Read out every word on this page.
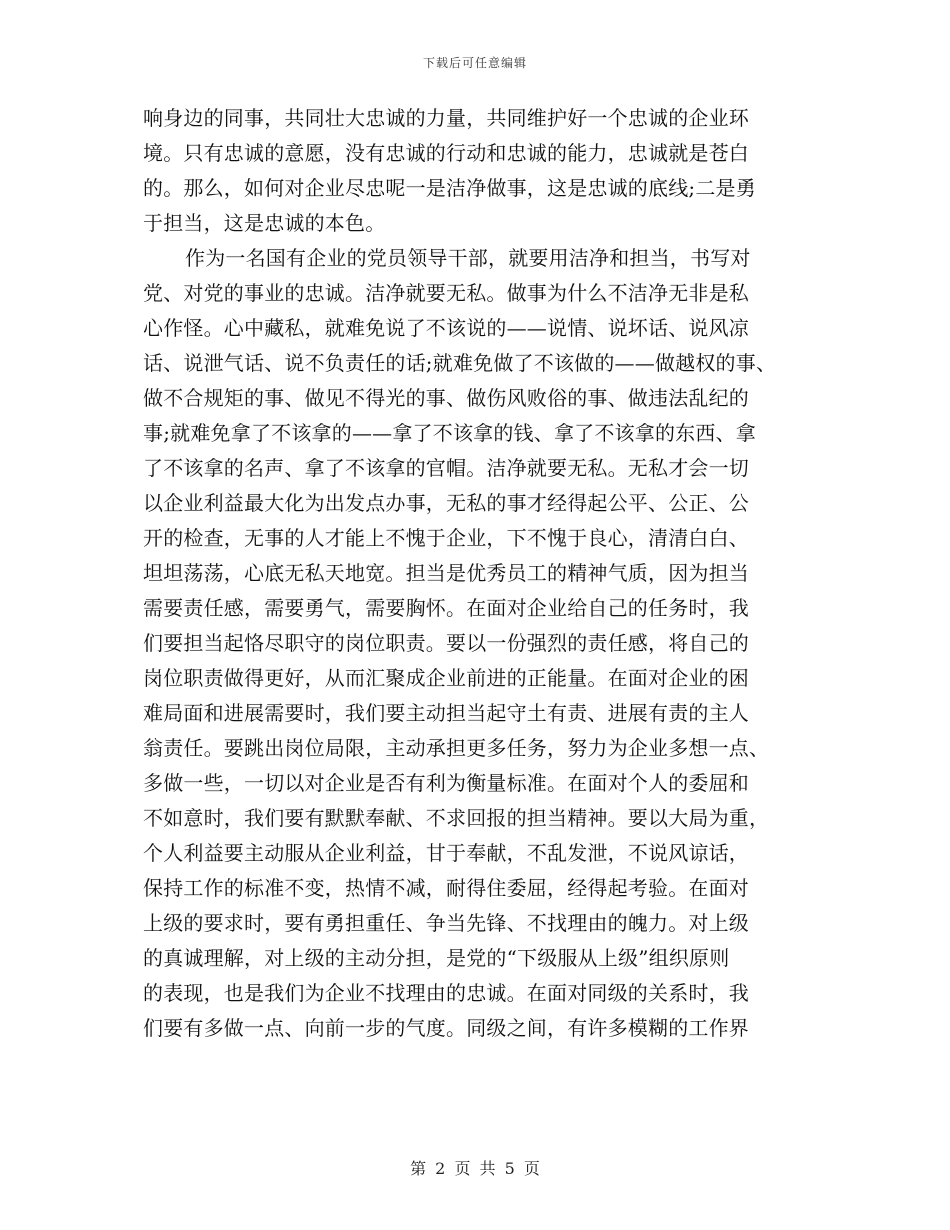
下载后可任意编辑
响身边的同事，共同壮大忠诚的力量，共同维护好一个忠诚的企业环
境。只有忠诚的意愿，没有忠诚的行动和忠诚的能力，忠诚就是苍白
的。那么，如何对企业尽忠呢一是洁净做事，这是忠诚的底线;二是勇
于担当，这是忠诚的本色。
作为一名国有企业的党员领导干部，就要用洁净和担当，书写对
党、对党的事业的忠诚。洁净就要无私。做事为什么不洁净无非是私
心作怪。心中藏私，就难免说了不该说的——说情、说坏话、说风凉
话、说泄气话、说不负责任的话;就难免做了不该做的——做越权的事、
做不合规矩的事、做见不得光的事、做伤风败俗的事、做违法乱纪的
事;就难免拿了不该拿的——拿了不该拿的钱、拿了不该拿的东西、拿
了不该拿的名声、拿了不该拿的官帽。洁净就要无私。无私才会一切
以企业利益最大化为出发点办事，无私的事才经得起公平、公正、公
开的检查，无事的人才能上不愧于企业，下不愧于良心，清清白白、
坦坦荡荡，心底无私天地宽。担当是优秀员工的精神气质，因为担当
需要责任感，需要勇气，需要胸怀。在面对企业给自己的任务时，我
们要担当起恪尽职守的岗位职责。要以一份强烈的责任感，将自己的
岗位职责做得更好，从而汇聚成企业前进的正能量。在面对企业的困
难局面和进展需要时，我们要主动担当起守土有责、进展有责的主人
翁责任。要跳出岗位局限，主动承担更多任务，努力为企业多想一点、
多做一些，一切以对企业是否有利为衡量标准。在面对个人的委屈和
不如意时，我们要有默默奉献、不求回报的担当精神。要以大局为重，
个人利益要主动服从企业利益，甘于奉献，不乱发泄，不说风谅话，
保持工作的标准不变，热情不减，耐得住委屈，经得起考验。在面对
上级的要求时，要有勇担重任、争当先锋、不找理由的魄力。对上级
的真诚理解，对上级的主动分担，是党的“下级服从上级”组织原则
的表现，也是我们为企业不找理由的忠诚。在面对同级的关系时，我
们要有多做一点、向前一步的气度。同级之间，有许多模糊的工作界
第 2 页 共 5 页
